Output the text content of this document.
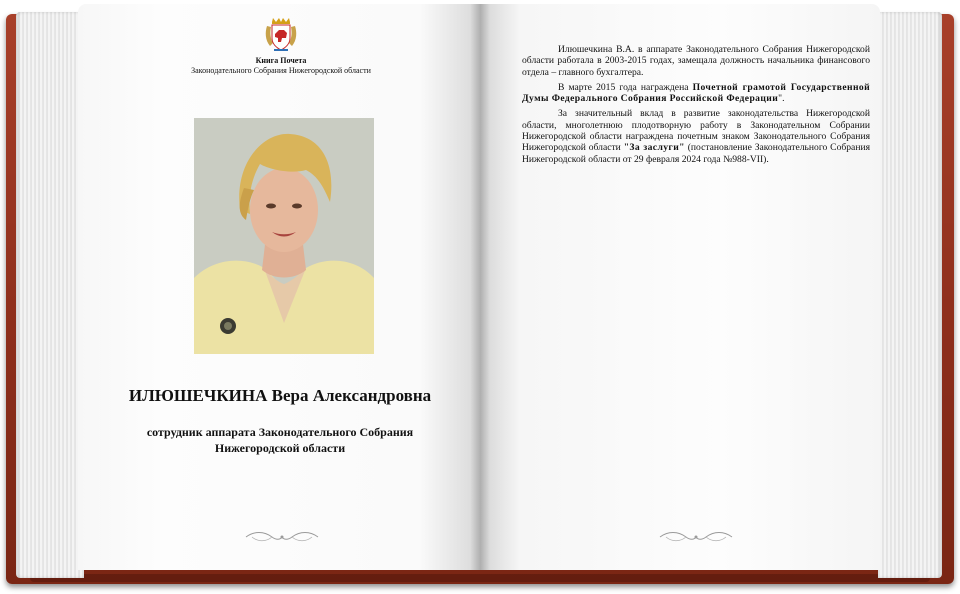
Книга Почета
Законодательного Собрания Нижегородской области
ИЛЮШЕЧКИНА Вера Александровна
сотрудник аппарата Законодательного Собрания Нижегородской области

Илюшечкина В.А. в аппарате Законодательного Собрания Нижегородской области работала в 2003-2015 годах, замещала должность начальника финансового отдела – главного бухгалтера.

В марте 2015 года награждена Почетной грамотой Государственной Думы Федерального Собрания Российской Федерации".

За значительный вклад в развитие законодательства Нижегородской области, многолетнюю плодотворную работу в Законодательном Собрании Нижегородской области награждена почетным знаком Законодательного Собрания Нижегородской области "За заслуги" (постановление Законодательного Собрания Нижегородской области от 29 февраля 2024 года №988-VII).
